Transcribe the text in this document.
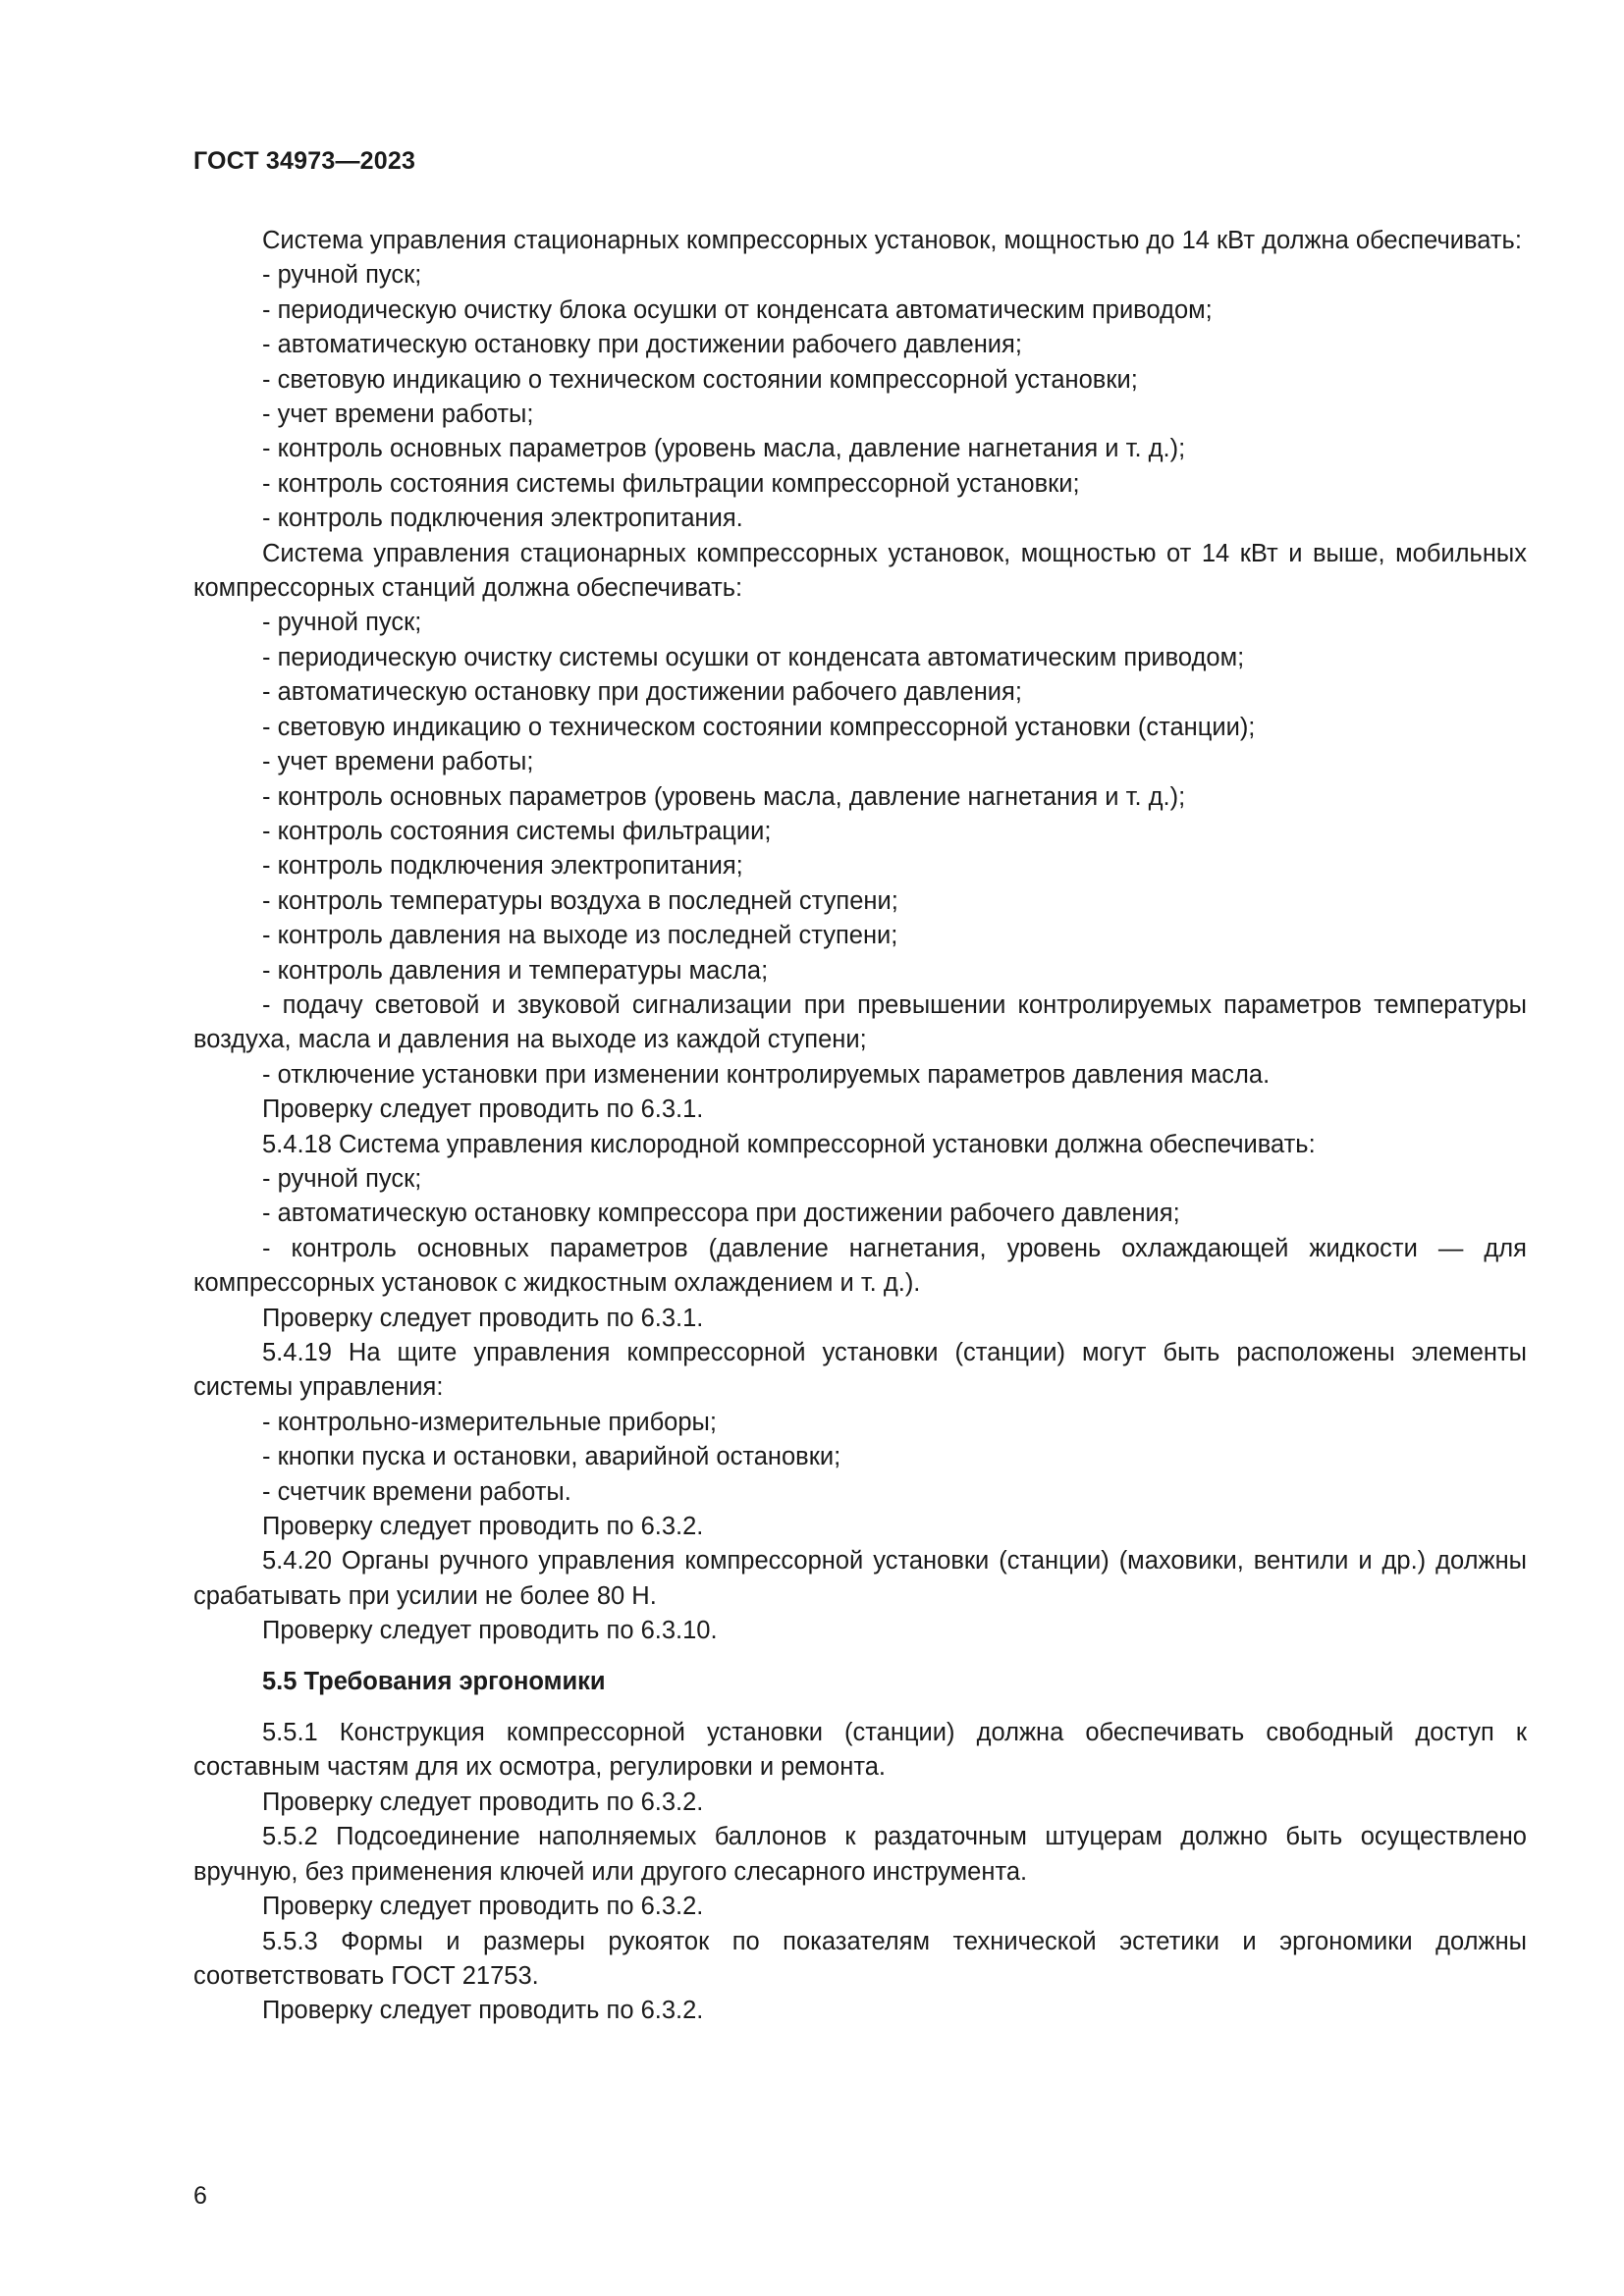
ГОСТ 34973—2023

Система управления стационарных компрессорных установок, мощностью до 14 кВт должна обеспечивать:

- ручной пуск;

- периодическую очистку блока осушки от конденсата автоматическим приводом;

- автоматическую остановку при достижении рабочего давления;

- световую индикацию о техническом состоянии компрессорной установки;

- учет времени работы;

- контроль основных параметров (уровень масла, давление нагнетания и т. д.);

- контроль состояния системы фильтрации компрессорной установки;

- контроль подключения электропитания.

Система управления стационарных компрессорных установок, мощностью от 14 кВт и выше, мобильных компрессорных станций должна обеспечивать:

- ручной пуск;

- периодическую очистку системы осушки от конденсата автоматическим приводом;

- автоматическую остановку при достижении рабочего давления;

- световую индикацию о техническом состоянии компрессорной установки (станции);

- учет времени работы;

- контроль основных параметров (уровень масла, давление нагнетания и т. д.);

- контроль состояния системы фильтрации;

- контроль подключения электропитания;

- контроль температуры воздуха в последней ступени;

- контроль давления на выходе из последней ступени;

- контроль давления и температуры масла;

- подачу световой и звуковой сигнализации при превышении контролируемых параметров температуры воздуха, масла и давления на выходе из каждой ступени;

- отключение установки при изменении контролируемых параметров давления масла.

Проверку следует проводить по 6.3.1.

5.4.18 Система управления кислородной компрессорной установки должна обеспечивать:

- ручной пуск;

- автоматическую остановку компрессора при достижении рабочего давления;

- контроль основных параметров (давление нагнетания, уровень охлаждающей жидкости — для компрессорных установок с жидкостным охлаждением и т. д.).

Проверку следует проводить по 6.3.1.

5.4.19 На щите управления компрессорной установки (станции) могут быть расположены элементы системы управления:

- контрольно-измерительные приборы;

- кнопки пуска и остановки, аварийной остановки;

- счетчик времени работы.

Проверку следует проводить по 6.3.2.

5.4.20 Органы ручного управления компрессорной установки (станции) (маховики, вентили и др.) должны срабатывать при усилии не более 80 Н.

Проверку следует проводить по 6.3.10.

5.5 Требования эргономики

5.5.1 Конструкция компрессорной установки (станции) должна обеспечивать свободный доступ к составным частям для их осмотра, регулировки и ремонта.

Проверку следует проводить по 6.3.2.

5.5.2 Подсоединение наполняемых баллонов к раздаточным штуцерам должно быть осуществлено вручную, без применения ключей или другого слесарного инструмента.

Проверку следует проводить по 6.3.2.

5.5.3 Формы и размеры рукояток по показателям технической эстетики и эргономики должны соответствовать ГОСТ 21753.

Проверку следует проводить по 6.3.2.

6
